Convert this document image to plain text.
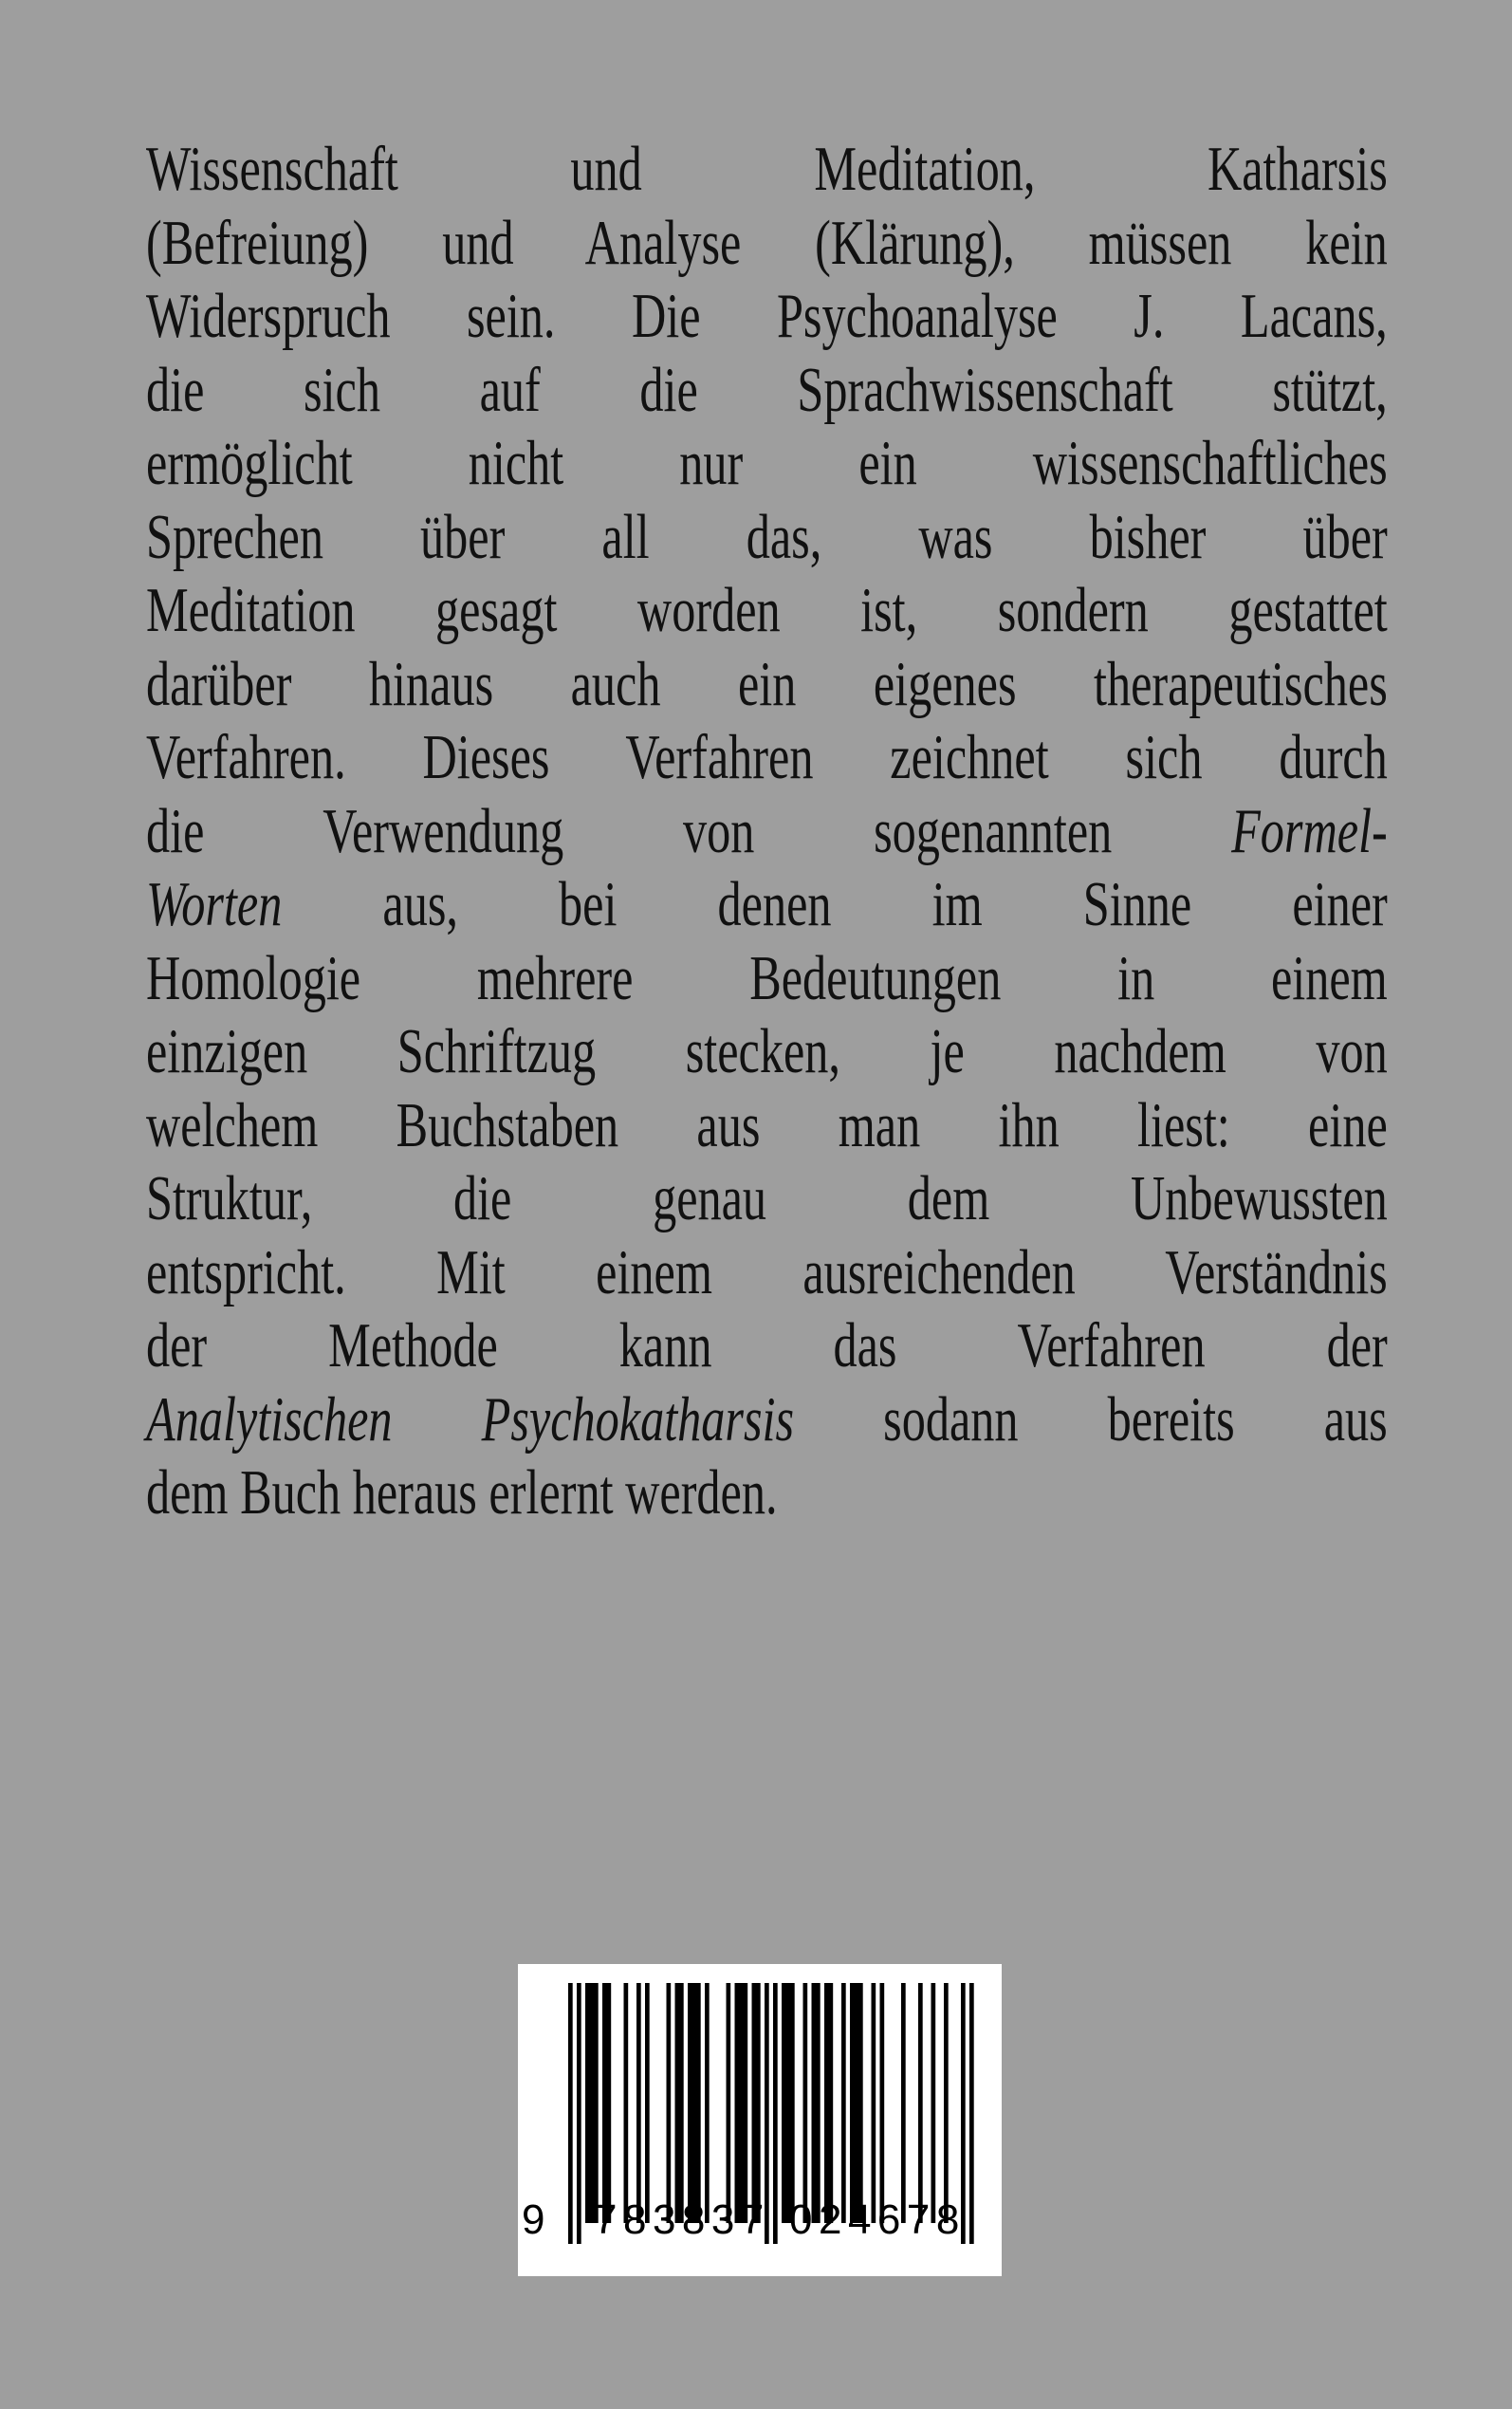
Wissenschaft und Meditation, Katharsis
(Befreiung) und Analyse (Klärung), müssen kein
Widerspruch sein. Die Psychoanalyse J. Lacans,
die sich auf die Sprachwissenschaft stützt,
ermöglicht nicht nur ein wissenschaftliches
Sprechen über all das, was bisher über
Meditation gesagt worden ist, sondern gestattet
darüber hinaus auch ein eigenes therapeutisches
Verfahren. Dieses Verfahren zeichnet sich durch
die Verwendung von sogenannten Formel-
Worten aus, bei denen im Sinne einer
Homologie mehrere Bedeutungen in einem
einzigen Schriftzug stecken, je nachdem von
welchem Buchstaben aus man ihn liest: eine
Struktur, die genau dem Unbewussten
entspricht. Mit einem ausreichenden Verständnis
der Methode kann das Verfahren der
Analytischen Psychokatharsis sodann bereits aus
dem Buch heraus erlernt werden.
9 783837 024678
